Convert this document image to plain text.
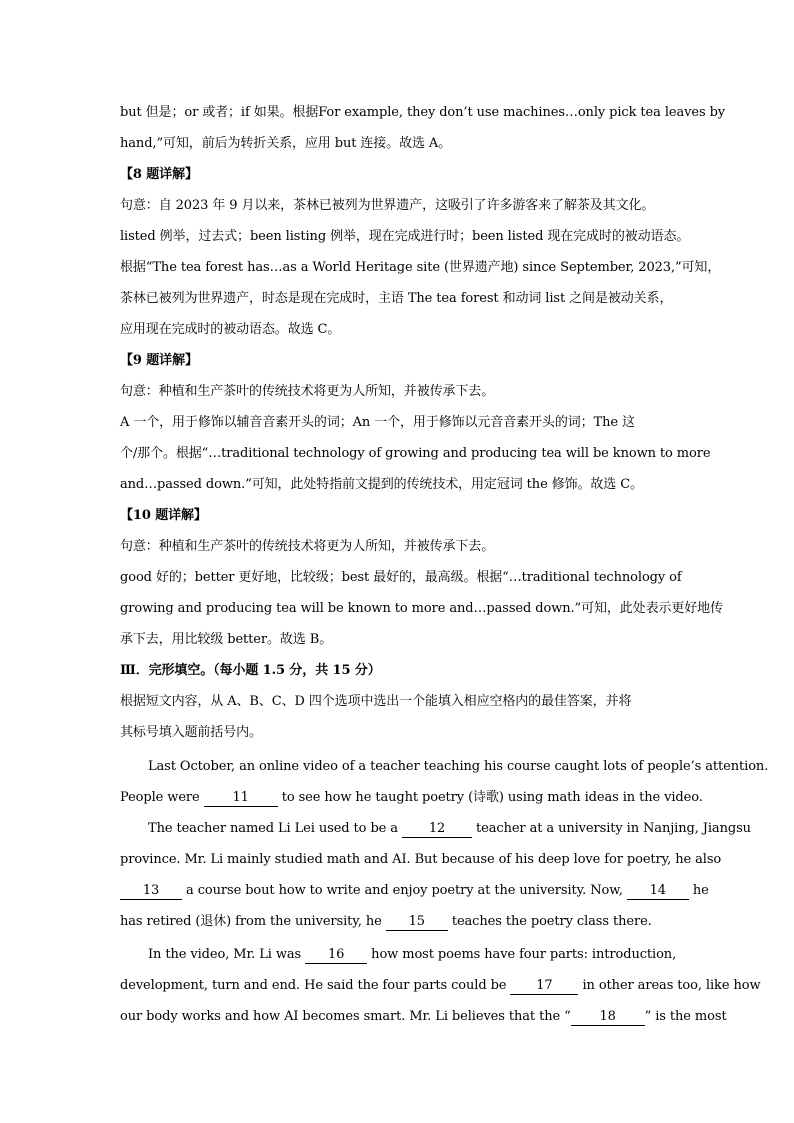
but 但是；or 或者；if 如果。根据For example, they don’t use machines…only pick tea leaves by
hand,”可知，前后为转折关系，应用 but 连接。故选 A。
【8 题详解】
句意：自 2023 年 9 月以来，茶林已被列为世界遗产，这吸引了许多游客来了解茶及其文化。
listed 例举，过去式；been listing 例举，现在完成进行时；been listed 现在完成时的被动语态。
根据“The tea forest has…as a World Heritage site (世界遗产地) since September, 2023,”可知，
茶林已被列为世界遗产，时态是现在完成时，主语 The tea forest 和动词 list 之间是被动关系，
应用现在完成时的被动语态。故选 C。
【9 题详解】
句意：种植和生产茶叶的传统技术将更为人所知，并被传承下去。
A 一个，用于修饰以辅音音素开头的词；An 一个，用于修饰以元音音素开头的词；The 这
个/那个。根据“…traditional technology of growing and producing tea will be known to more
and…passed down.”可知，此处特指前文提到的传统技术，用定冠词 the 修饰。故选 C。
【10 题详解】
句意：种植和生产茶叶的传统技术将更为人所知，并被传承下去。
good 好的；better 更好地，比较级；best 最好的，最高级。根据“…traditional technology of
growing and producing tea will be known to more and…passed down.”可知，此处表示更好地传
承下去，用比较级 better。故选 B。
Ⅲ．完形填空。（每小题 1.5 分，共 15 分）
根据短文内容，从 A、B、C、D 四个选项中选出一个能填入相应空格内的最佳答案，并将
其标号填入题前括号内。
Last October, an online video of a teacher teaching his course caught lots of people’s attention.
People were 11 to see how he taught poetry (诗歌) using math ideas in the video.
The teacher named Li Lei used to be a 12 teacher at a university in Nanjing, Jiangsu
province. Mr. Li mainly studied math and AI. But because of his deep love for poetry, he also
13 a course bout how to write and enjoy poetry at the university. Now, 14 he
has retired (退休) from the university, he 15 teaches the poetry class there.
In the video, Mr. Li was 16 how most poems have four parts: introduction,
development, turn and end. He said the four parts could be 17 in other areas too, like how
our body works and how AI becomes smart. Mr. Li believes that the “ 18 ” is the most
